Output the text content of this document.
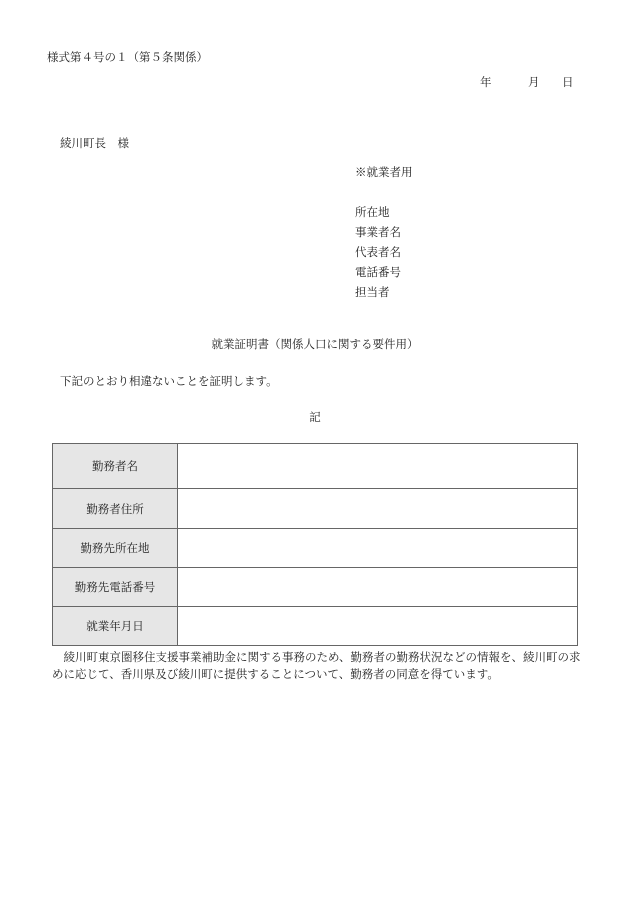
様式第４号の１（第５条関係）
年	月 日
綾川町長　様
※就業者用
所在地
事業者名
代表者名
電話番号
担当者
就業証明書（関係人口に関する要件用）
下記のとおり相違ないことを証明します。
記
勤務者名	
勤務者住所	
勤務先所在地	
勤務先電話番号	
就業年月日	
綾川町東京圏移住支援事業補助金に関する事務のため、勤務者の勤務状況などの情報を、綾川町の求めに応じて、香川県及び綾川町に提供することについて、勤務者の同意を得ています。
